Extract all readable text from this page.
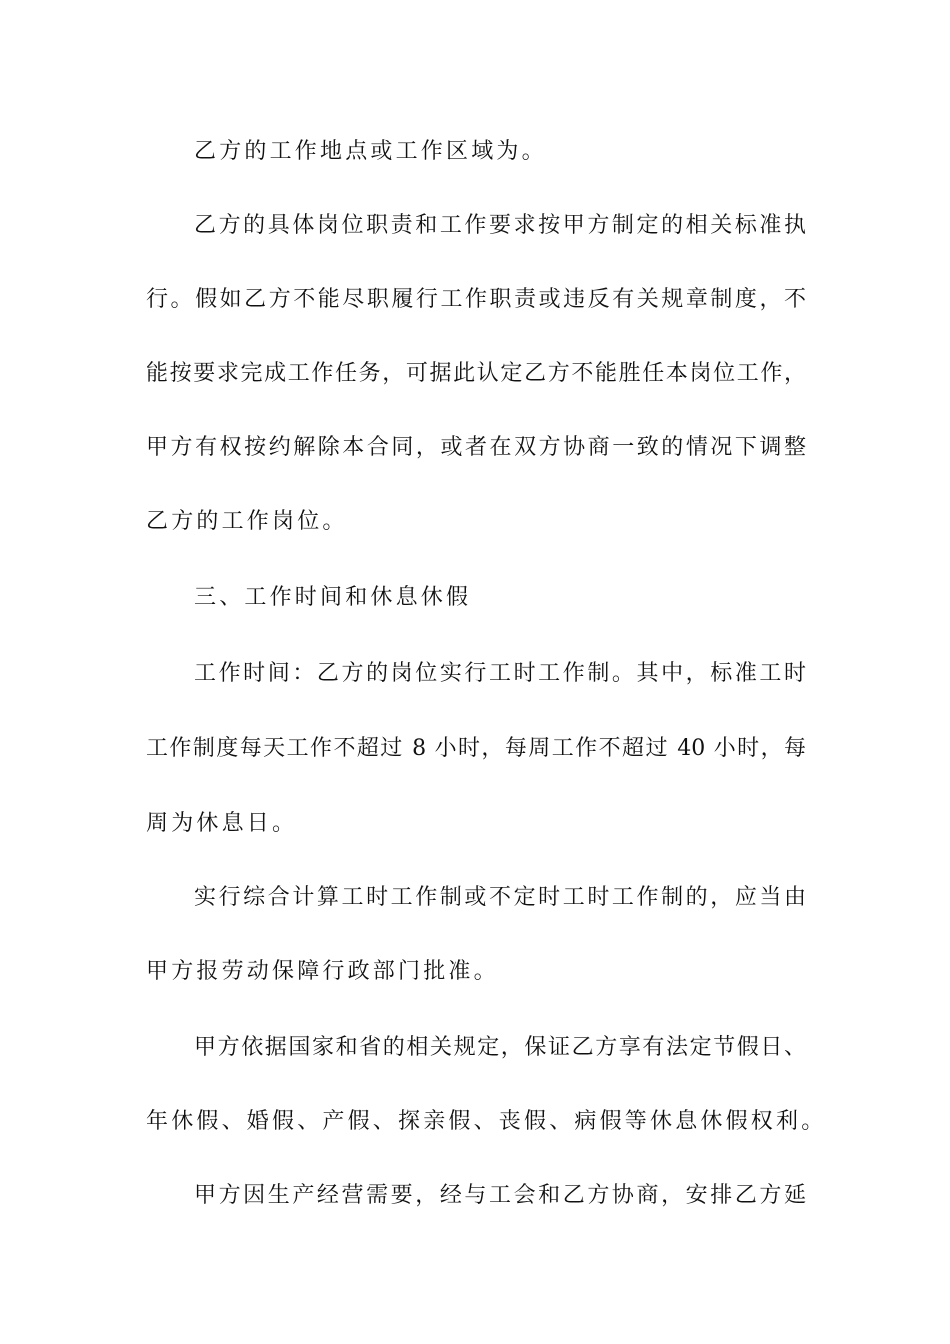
乙方的工作地点或工作区域为。
乙方的具体岗位职责和工作要求按甲方制定的相关标准执
行。假如乙方不能尽职履行工作职责或违反有关规章制度，不
能按要求完成工作任务，可据此认定乙方不能胜任本岗位工作，
甲方有权按约解除本合同，或者在双方协商一致的情况下调整
乙方的工作岗位。
三、工作时间和休息休假
工作时间：乙方的岗位实行工时工作制。其中，标准工时
工作制度每天工作不超过 8 小时，每周工作不超过 40 小时，每
周为休息日。
实行综合计算工时工作制或不定时工时工作制的，应当由
甲方报劳动保障行政部门批准。
甲方依据国家和省的相关规定，保证乙方享有法定节假日、
年休假、婚假、产假、探亲假、丧假、病假等休息休假权利。
甲方因生产经营需要，经与工会和乙方协商，安排乙方延
